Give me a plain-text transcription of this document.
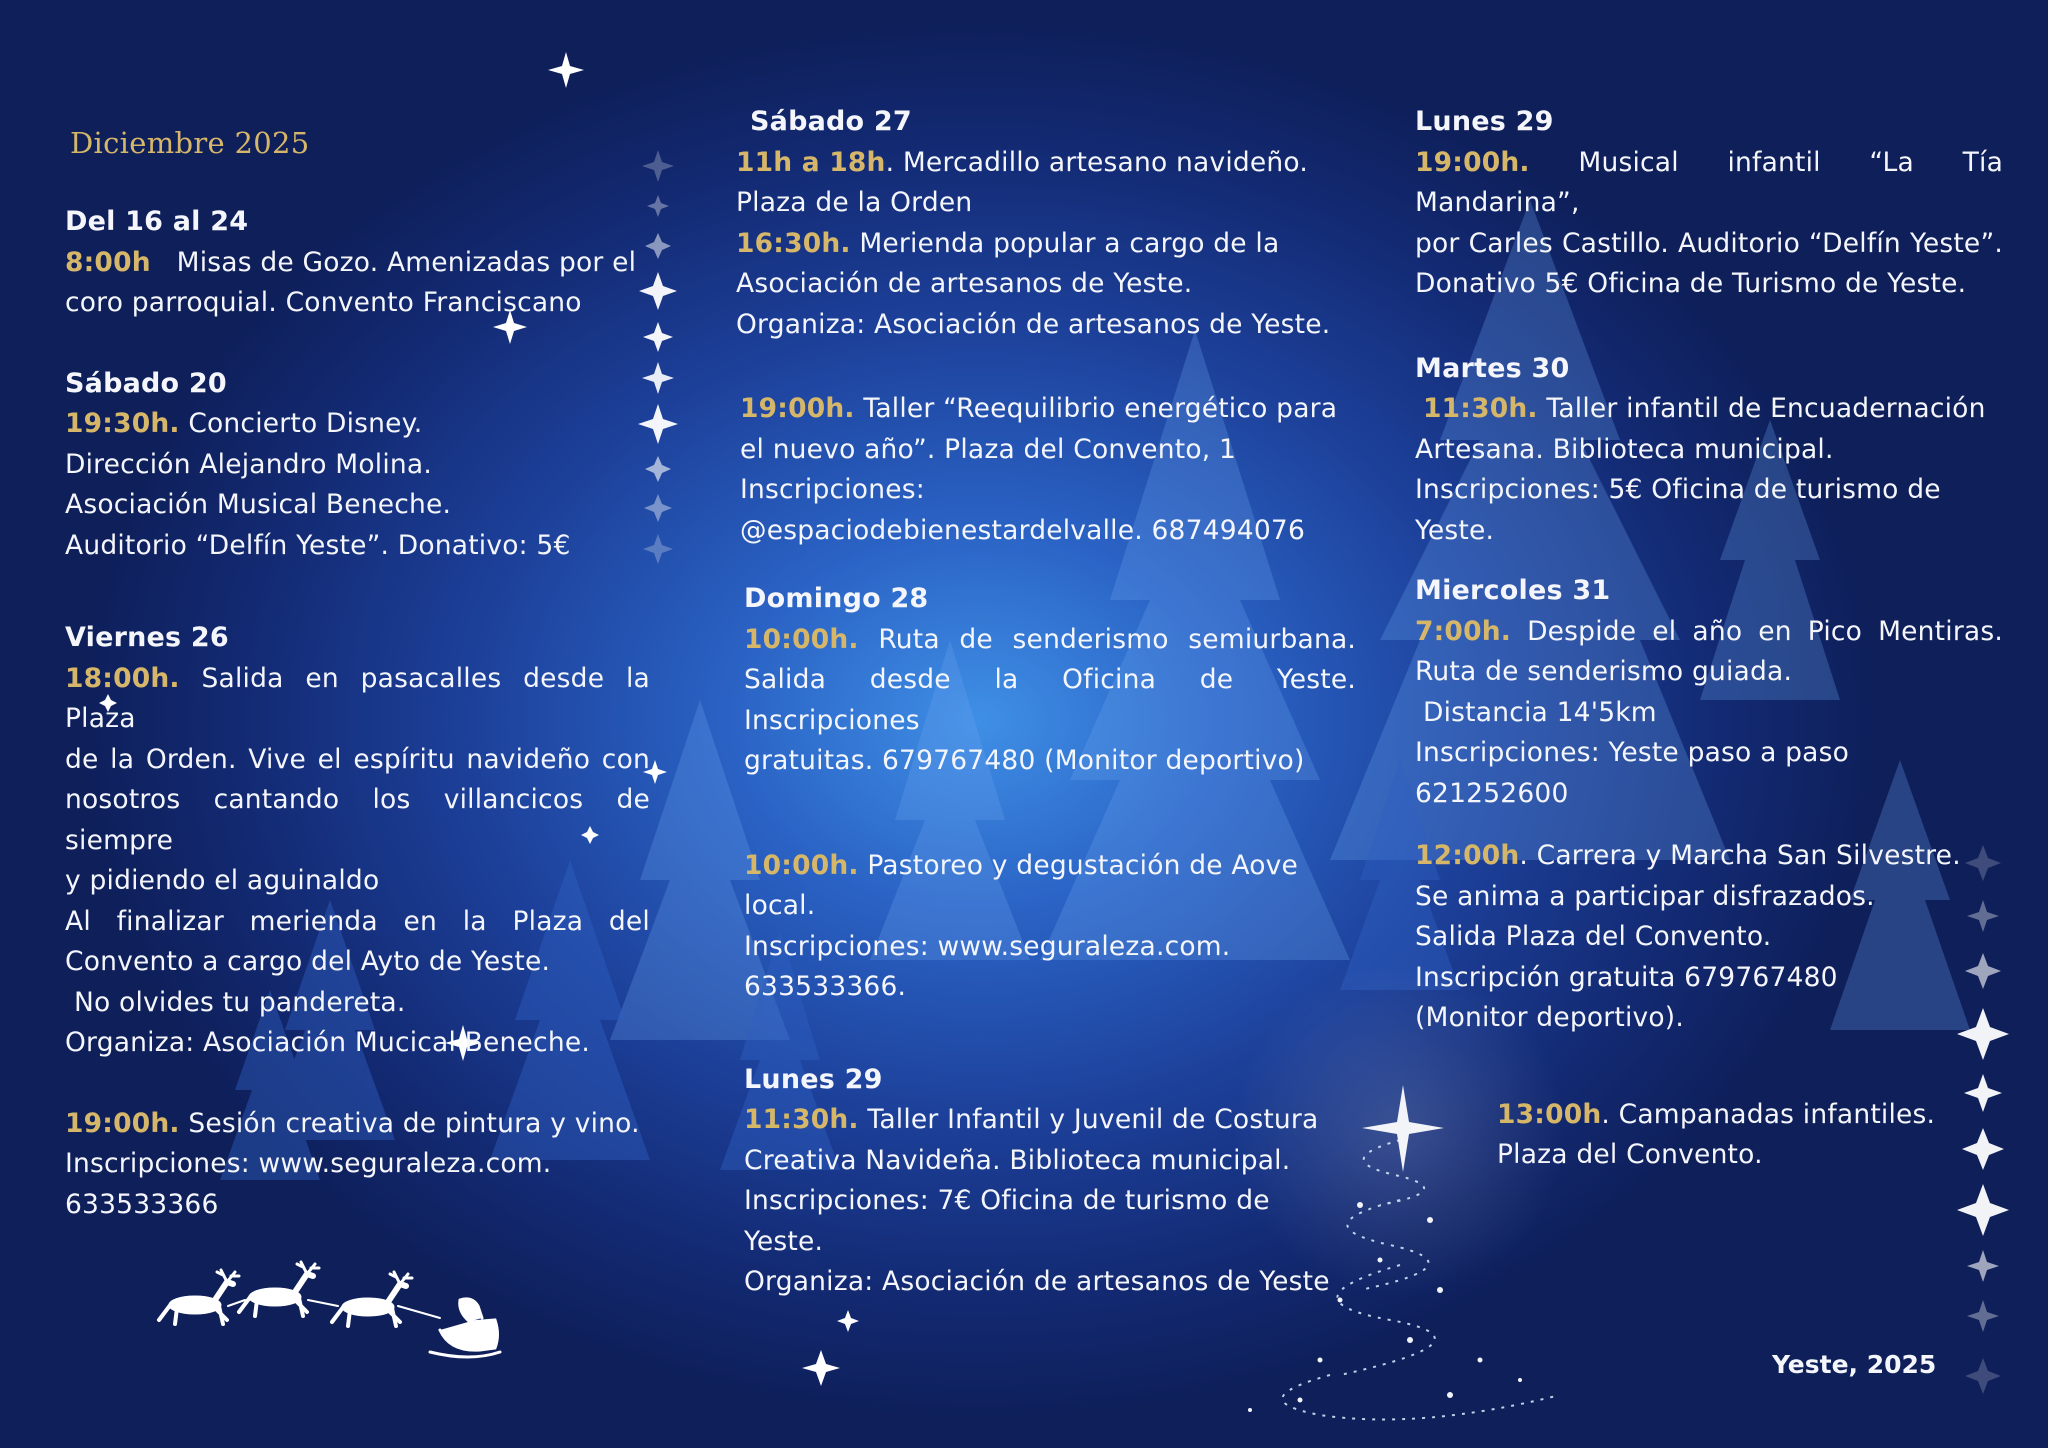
Diciembre 2025

Del 16 al 24

8:00h Misas de Gozo. Amenizadas por el

coro parroquial. Convento Franciscano

Sábado 20

19:30h. Concierto Disney.

Dirección Alejandro Molina.

Asociación Musical Beneche.

Auditorio “Delfín Yeste”. Donativo: 5€

Viernes 26

18:00h. Salida en pasacalles desde la Plaza

de la Orden. Vive el espíritu navideño con

nosotros cantando los villancicos de siempre

y pidiendo el aguinaldo

Al finalizar merienda en la Plaza del

Convento a cargo del Ayto de Yeste.

No olvides tu pandereta.

Organiza: Asociación Mucical Beneche.

19:00h. Sesión creativa de pintura y vino.

Inscripciones: www.seguraleza.com.

633533366

Sábado 27

11h a 18h. Mercadillo artesano navideño.

Plaza de la Orden

16:30h. Merienda popular a cargo de la

Asociación de artesanos de Yeste.

Organiza: Asociación de artesanos de Yeste.

19:00h. Taller “Reequilibrio energético para

el nuevo año”. Plaza del Convento, 1

Inscripciones:

@espaciodebienestardelvalle. 687494076

Domingo 28

10:00h. Ruta de senderismo semiurbana.

Salida desde la Oficina de Yeste. Inscripciones

gratuitas. 679767480 (Monitor deportivo)

10:00h. Pastoreo y degustación de Aove local.

Inscripciones: www.seguraleza.com.

633533366.

Lunes 29

11:30h. Taller Infantil y Juvenil de Costura

Creativa Navideña. Biblioteca municipal.

Inscripciones: 7€ Oficina de turismo de

Yeste.

Organiza: Asociación de artesanos de Yeste

Lunes 29

19:00h. Musical infantil “La Tía Mandarina”,

por Carles Castillo. Auditorio “Delfín Yeste”.

Donativo 5€ Oficina de Turismo de Yeste.

Martes 30

11:30h. Taller infantil de Encuadernación

Artesana. Biblioteca municipal.

Inscripciones: 5€ Oficina de turismo de

Yeste.

Miercoles 31

7:00h. Despide el año en Pico Mentiras.

Ruta de senderismo guiada.

Distancia 14'5km

Inscripciones: Yeste paso a paso

621252600

12:00h. Carrera y Marcha San Silvestre.

Se anima a participar disfrazados.

Salida Plaza del Convento.

Inscripción gratuita 679767480

(Monitor deportivo).

13:00h. Campanadas infantiles.

Plaza del Convento.

Yeste, 2025
